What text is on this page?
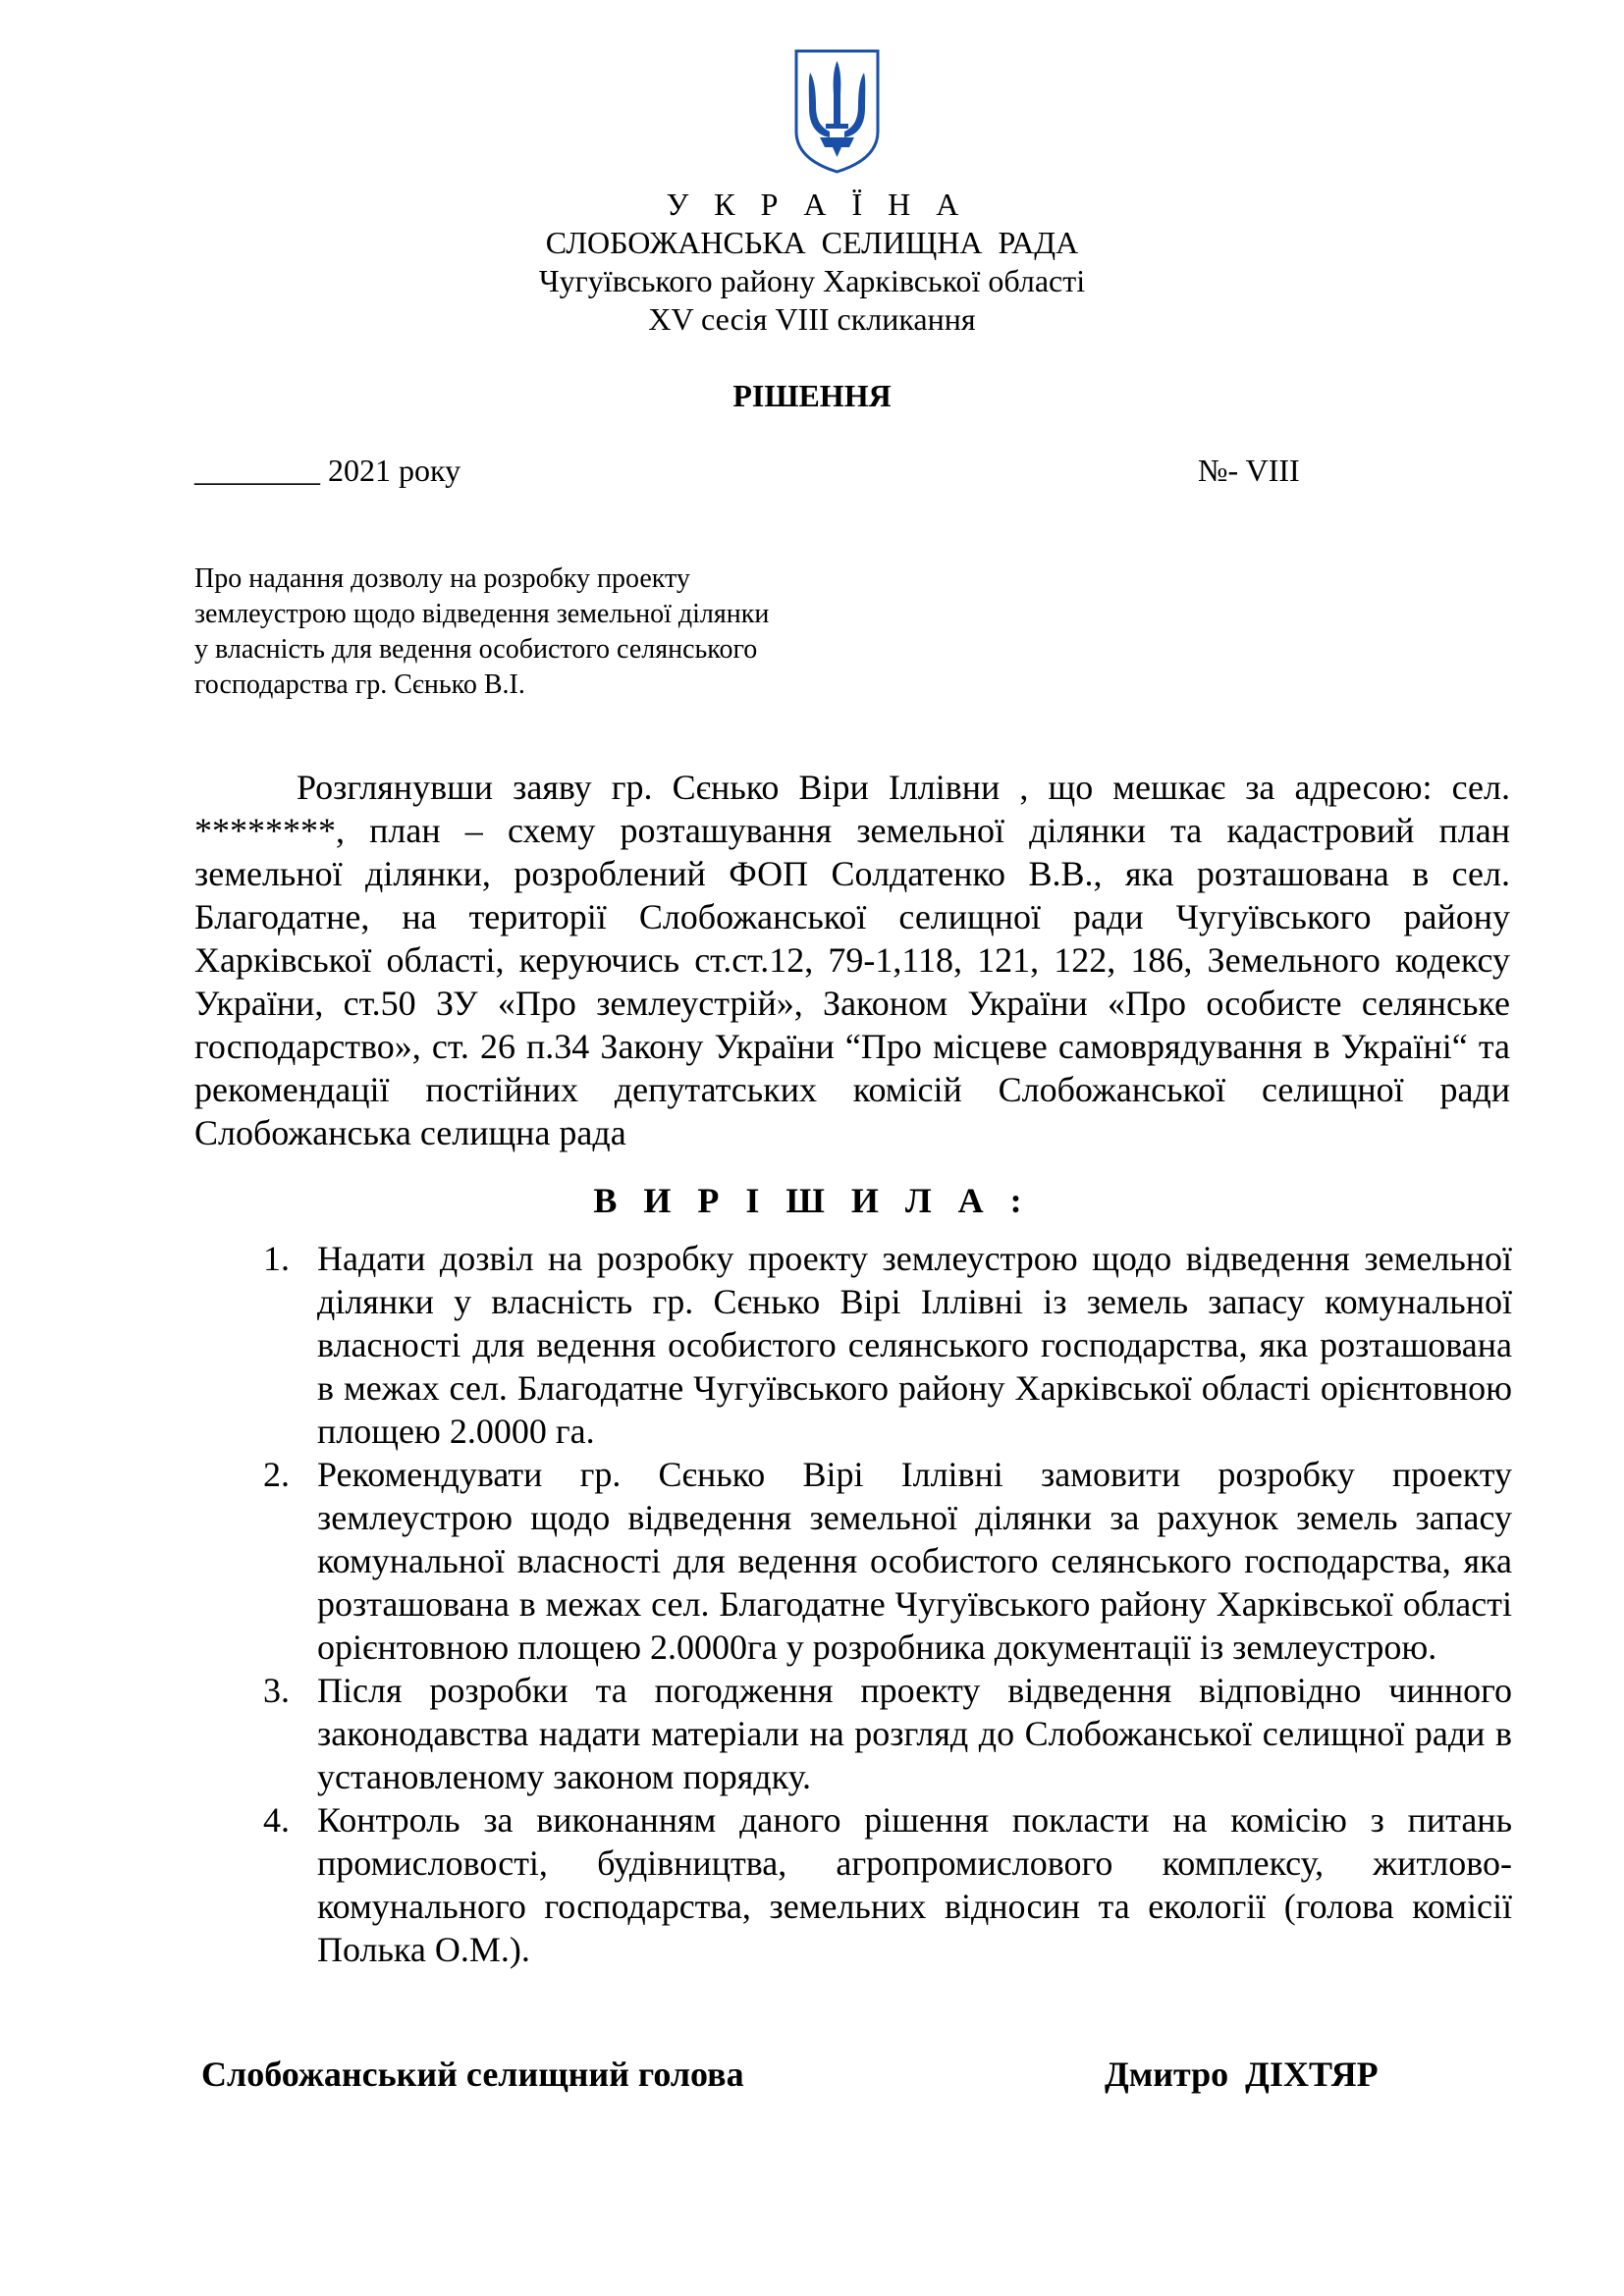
У К Р А Ї Н А
СЛОБОЖАНСЬКА СЕЛИЩНА РАДА
Чугуївського району Харківської області
XV сесія VIII скликання
РІШЕННЯ
________ 2021 року	№- VIII
Про надання дозволу на розробку проекту
землеустрою щодо відведення земельної ділянки
у власність для ведення особистого селянського
господарства гр. Сєнько В.І.
Розглянувши заяву гр. Сєнько Віри Іллівни , що мешкає за адресою: сел. ********, план – схему розташування земельної ділянки та кадастровий план земельної ділянки, розроблений ФОП Солдатенко В.В., яка розташована в сел. Благодатне, на території Слобожанської селищної ради Чугуївського району Харківської області, керуючись ст.ст.12, 79-1,118, 121, 122, 186, Земельного кодексу України, ст.50 ЗУ «Про землеустрій», Законом України «Про особисте селянське господарство», ст. 26 п.34 Закону України “Про місцеве самоврядування в Україні“ та рекомендації постійних депутатських комісій Слобожанської селищної ради Слобожанська селищна рада
В И Р І Ш И Л А :
1. Надати дозвіл на розробку проекту землеустрою щодо відведення земельної ділянки у власність гр. Сєнько Вірі Іллівні із земель запасу комунальної власності для ведення особистого селянського господарства, яка розташована в межах сел. Благодатне Чугуївського району Харківської області орієнтовною площею 2.0000 га.
2. Рекомендувати гр. Сєнько Вірі Іллівні замовити розробку проекту землеустрою щодо відведення земельної ділянки за рахунок земель запасу комунальної власності для ведення особистого селянського господарства, яка розташована в межах сел. Благодатне Чугуївського району Харківської області орієнтовною площею 2.0000га у розробника документації із землеустрою.
3. Після розробки та погодження проекту відведення відповідно чинного законодавства надати матеріали на розгляд до Слобожанської селищної ради в установленому законом порядку.
4. Контроль за виконанням даного рішення покласти на комісію з питань промисловості, будівництва, агропромислового комплексу, житлово-комунального господарства, земельних відносин та екології (голова комісії Полька О.М.).
Слобожанський селищний голова	Дмитро ДІХТЯР
